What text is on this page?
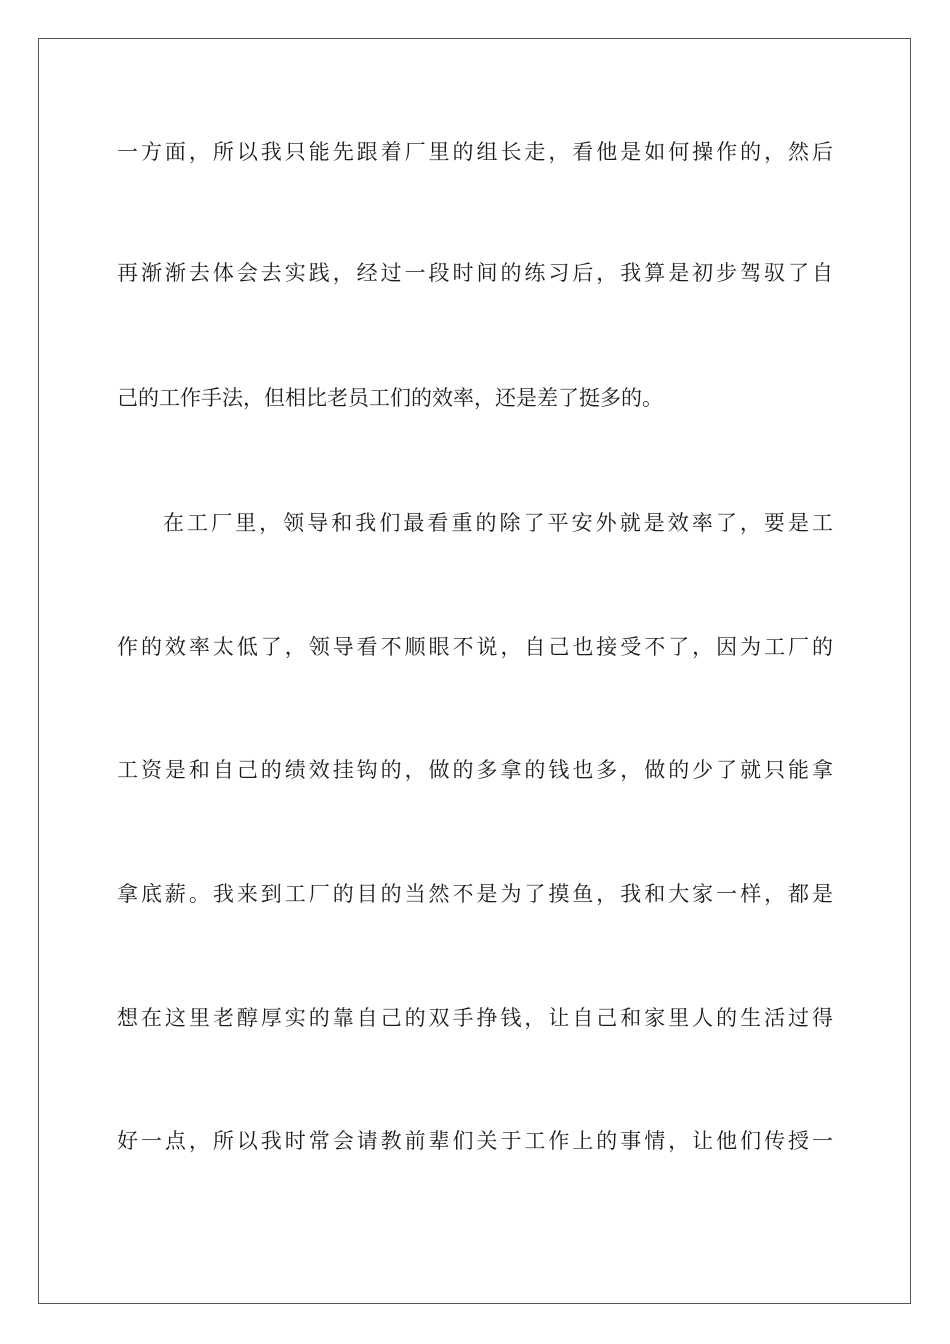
一方面，所以我只能先跟着厂里的组长走，看他是如何操作的，然后
再渐渐去体会去实践，经过一段时间的练习后，我算是初步驾驭了自
己的工作手法，但相比老员工们的效率，还是差了挺多的。
在工厂里，领导和我们最看重的除了平安外就是效率了，要是工
作的效率太低了，领导看不顺眼不说，自己也接受不了，因为工厂的
工资是和自己的绩效挂钩的，做的多拿的钱也多，做的少了就只能拿
拿底薪。我来到工厂的目的当然不是为了摸鱼，我和大家一样，都是
想在这里老醇厚实的靠自己的双手挣钱，让自己和家里人的生活过得
好一点，所以我时常会请教前辈们关于工作上的事情，让他们传授一
